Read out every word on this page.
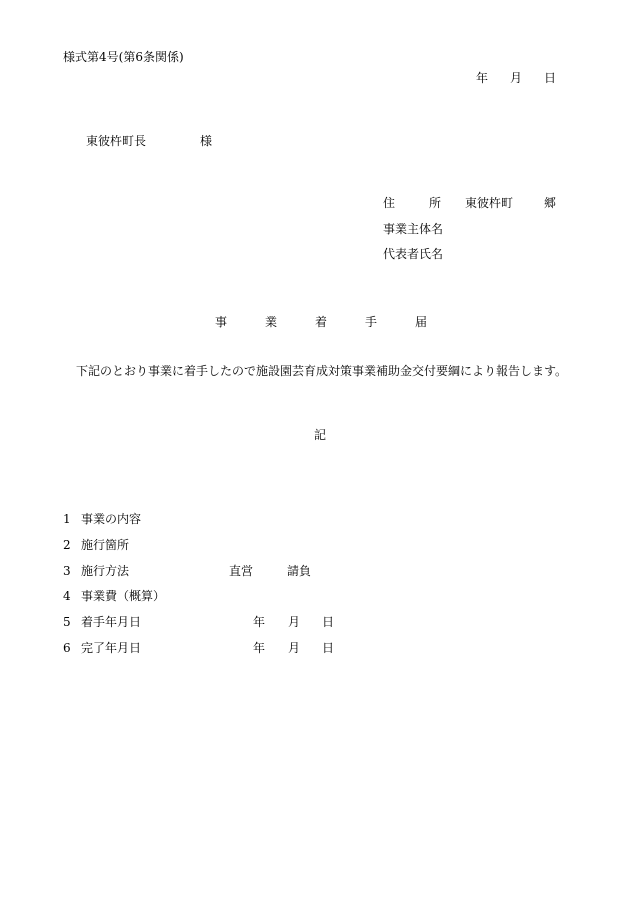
様式第4号(第6条関係)
年 月 日
東彼杵町長	様
住	所 東彼杵町	郷
事業主体名
代表者氏名
事	業	着	手	届
下記のとおり事業に着手したので施設園芸育成対策事業補助金交付要綱により報告します。
記
1 事業の内容
2 施行箇所
3 施行方法	直営	請負
4 事業費（概算）
5 着手年月日	年 月 日
6 完了年月日	年 月 日
